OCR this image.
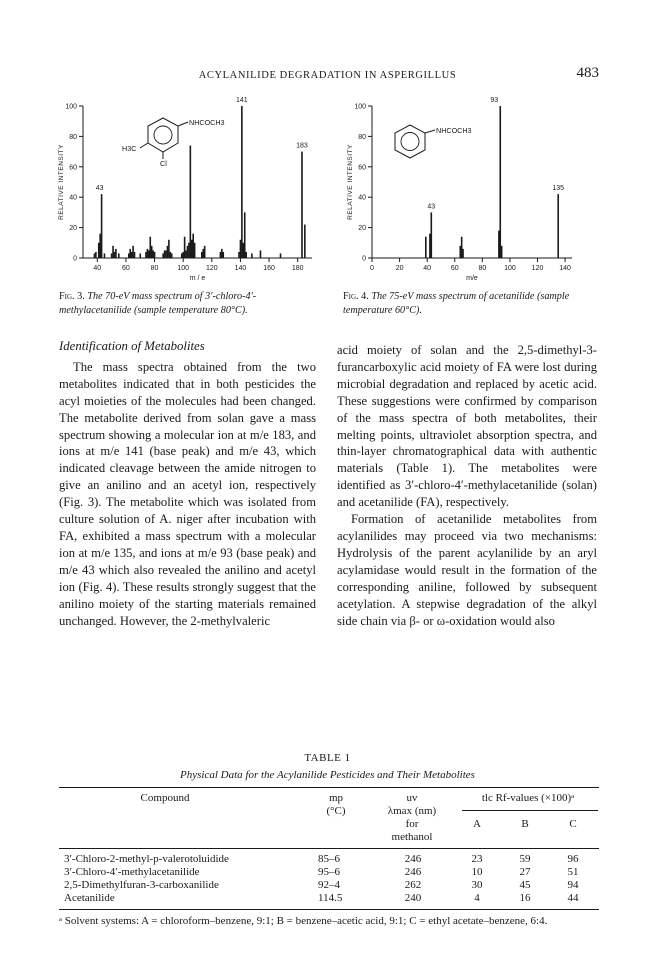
ACYLANILIDE DEGRADATION IN ASPERGILLUS	483
0
20
40
60
80
100
40	60	80	100 120 140 160 180
43
141
183
RELATIVE INTENSITY
m / e
NHCOCH3
H3C
Cl
Fig. 3. The 70-eV mass spectrum of 3′-chloro-4′-methylacetanilide (sample temperature 80°C).
0
20
40
60
80
100
0	20	40	60	80	100 120 140
43
93
135
RELATIVE INTENSITY
m/e
NHCOCH3
Fig. 4. The 75-eV mass spectrum of acetanilide (sample temperature 60°C).
Identification of Metabolites

The mass spectra obtained from the two metabolites indicated that in both pesticides the acyl moieties of the molecules had been changed. The metabolite derived from solan gave a mass spectrum showing a molecular ion at m/e 183, and ions at m/e 141 (base peak) and m/e 43, which indicated cleavage between the amide nitrogen to give an anilino and an acetyl ion, respectively (Fig. 3). The metabolite which was isolated from culture solution of A. niger after incubation with FA, exhibited a mass spectrum with a molecular ion at m/e 135, and ions at m/e 93 (base peak) and m/e 43 which also revealed the anilino and acetyl ion (Fig. 4). These results strongly suggest that the anilino moiety of the starting materials remained unchanged. However, the 2-methylvaleric

acid moiety of solan and the 2,5-dimethyl-3-furancarboxylic acid moiety of FA were lost during microbial degradation and replaced by acetic acid. These suggestions were confirmed by comparison of the mass spectra of both metabolites, their melting points, ultraviolet absorption spectra, and thin-layer chromatographical data with authentic materials (Table 1). The metabolites were identified as 3′-chloro-4′-methylacetanilide (solan) and acetanilide (FA), respectively.

Formation of acetanilide metabolites from acylanilides may proceed via two mechanisms: Hydrolysis of the parent acylanilide by an aryl acylamidase would result in the formation of the corresponding aniline, followed by subsequent acetylation. A stepwise degradation of the alkyl side chain via β- or ω-oxidation would also

TABLE 1
Physical Data for the Acylanilide Pesticides and Their Metabolites
Compound	mp
(°C)
uv
λmax (nm)
for
methanol
tlc Rf-values (×100)ᵃ
A	B	C
3′-Chloro-2-methyl-p-valerotoluidide	85–6	246	23	59	96
3′-Chloro-4′-methylacetanilide	95–6	246	10	27	51
2,5-Dimethylfuran-3-carboxanilide	92–4	262	30	45	94
Acetanilide	114.5	240	4	16	44
ᵃ Solvent systems: A = chloroform–benzene, 9:1; B = benzene–acetic acid, 9:1; C = ethyl acetate–benzene, 6:4.
